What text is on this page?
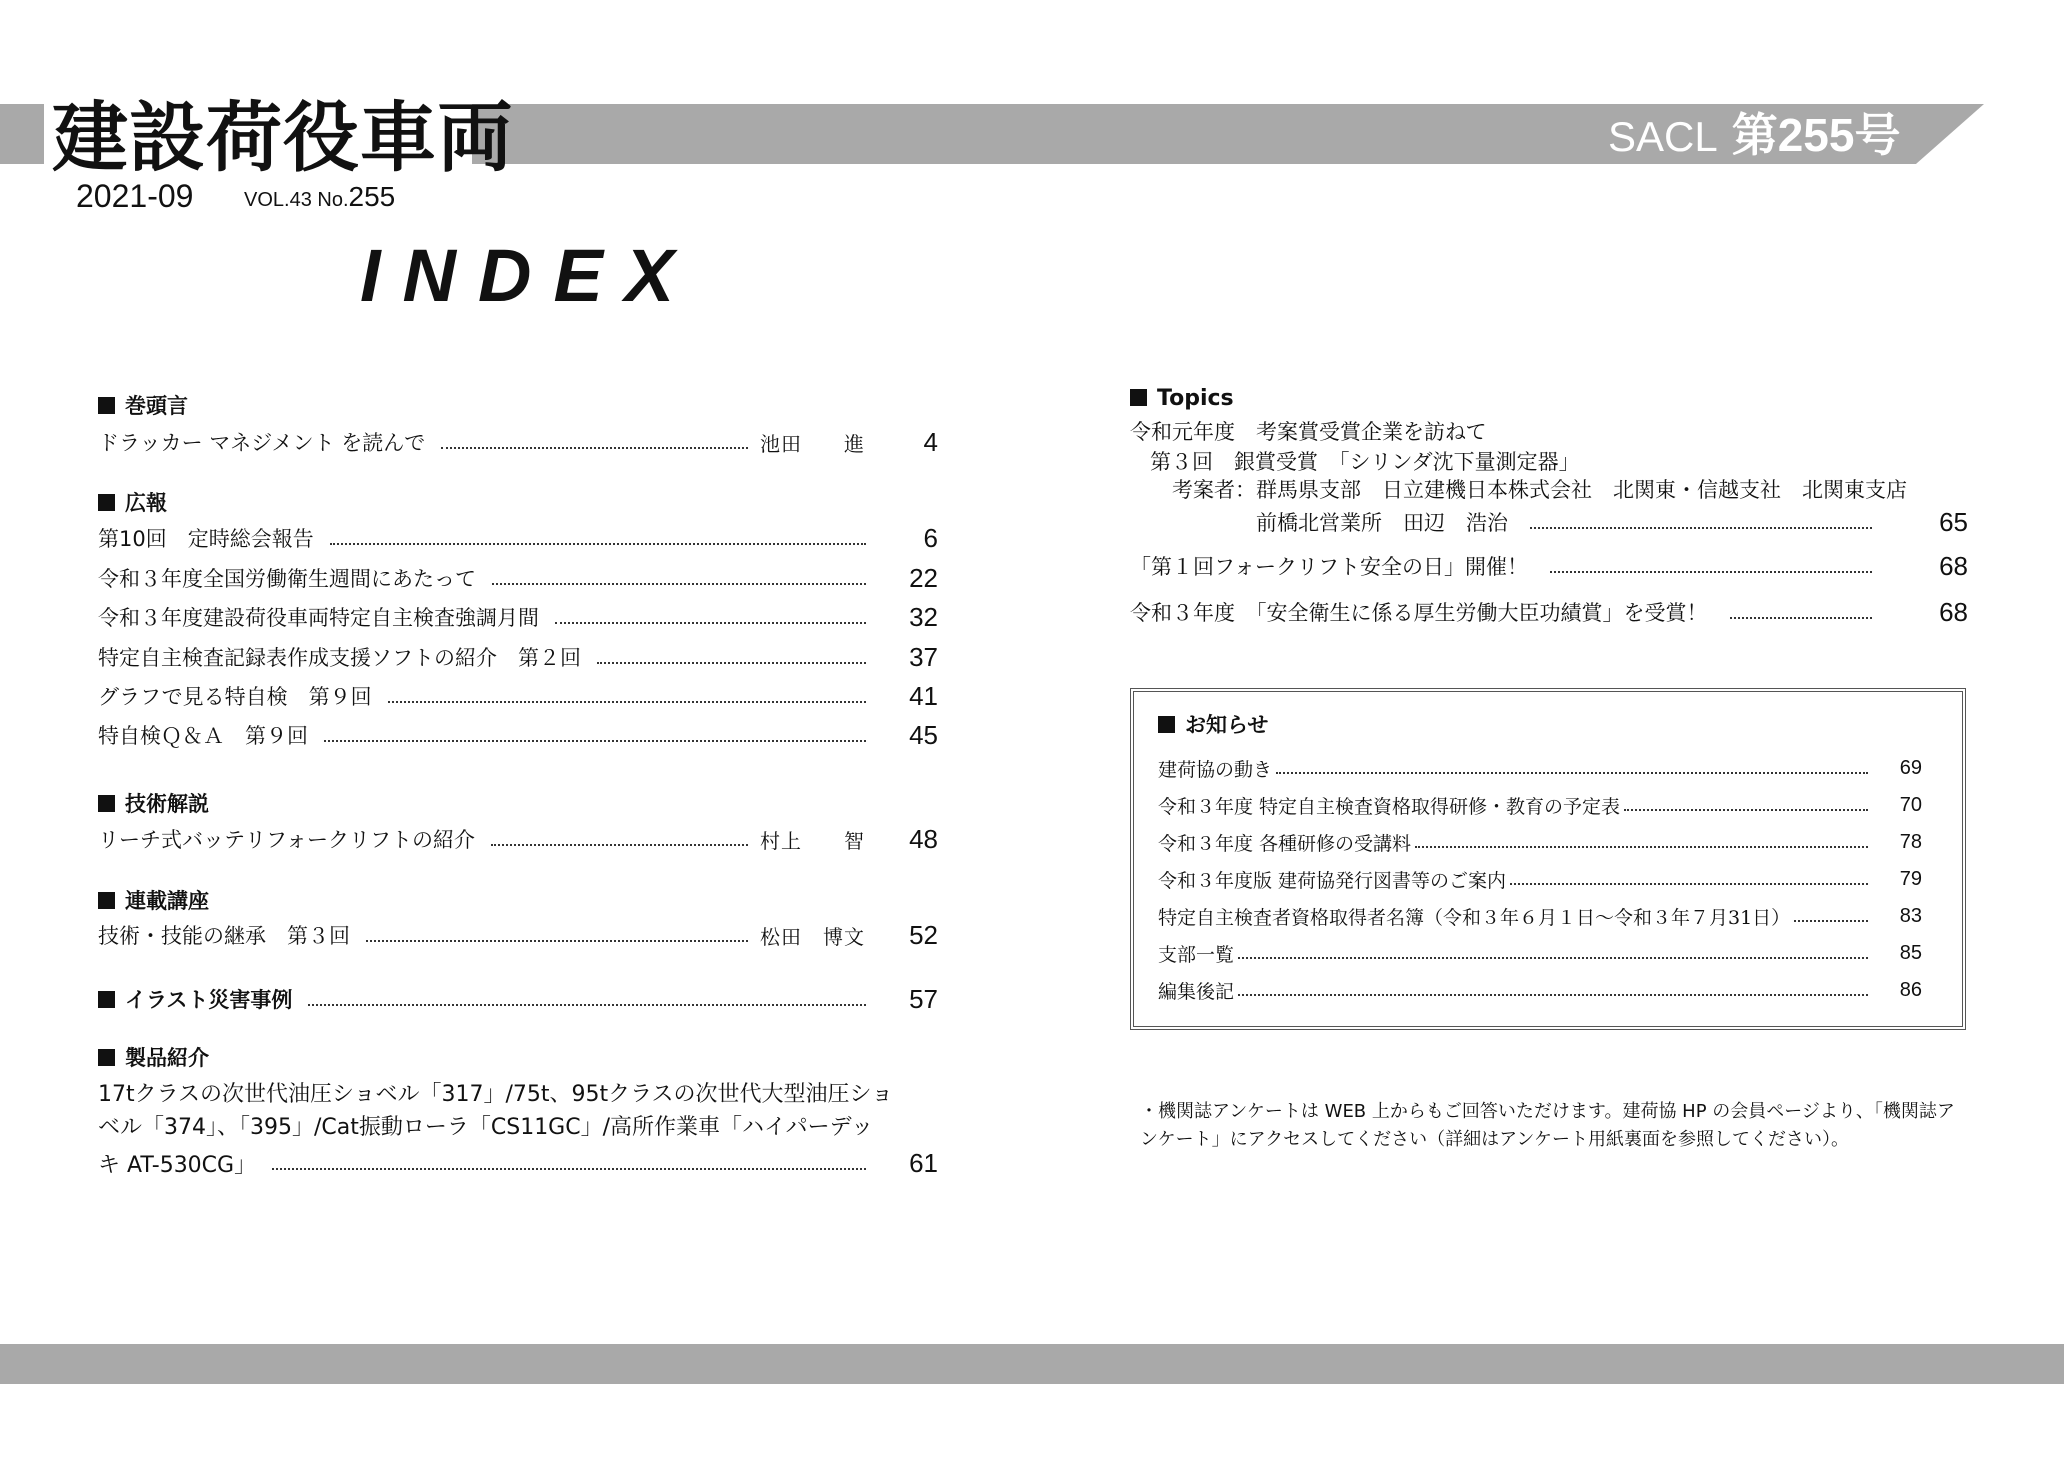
建設荷役車両	SACL 第255号
2021-09	VOL.43 No.255
INDEX
巻頭言
ドラッカー マネジメント を読んで	池田　　進	4
広報
第10回　定時総会報告	6
令和３年度全国労働衛生週間にあたって	22
令和３年度建設荷役車両特定自主検査強調月間	32
特定自主検査記録表作成支援ソフトの紹介　第２回	37
グラフで見る特自検　第９回	41
特自検Ｑ＆Ａ　第９回	45
技術解説
リーチ式バッテリフォークリフトの紹介	村上　　智	48
連載講座
技術・技能の継承　第３回	松田　博文	52
イラスト災害事例	57
製品紹介
17tクラスの次世代油圧ショベル「317」/75t、95tクラスの次世代大型油圧ショ
ベル「374」、「395」/Cat振動ローラ「CS11GC」/高所作業車「ハイパーデッ
キ AT-530CG」	61
Topics
令和元年度　考案賞受賞企業を訪ねて
第３回　銀賞受賞　「シリンダ沈下量測定器」
考案者：群馬県支部　日立建機日本株式会社　北関東・信越支社　北関東支店
前橋北営業所　田辺　浩治	65
「第１回フォークリフト安全の日」開催！	68
令和３年度　「安全衛生に係る厚生労働大臣功績賞」を受賞！	68
お知らせ
建荷協の動き	69
令和３年度 特定自主検査資格取得研修・教育の予定表	70
令和３年度 各種研修の受講料	78
令和３年度版 建荷協発行図書等のご案内	79
特定自主検査者資格取得者名簿（令和３年６月１日～令和３年７月31日）	83
支部一覧	85
編集後記	86
・機関誌アンケートは WEB 上からもご回答いただけます。建荷協 HP の会員ページより、「機関誌アンケート」にアクセスしてください（詳細はアンケート用紙裏面を参照してください）。
